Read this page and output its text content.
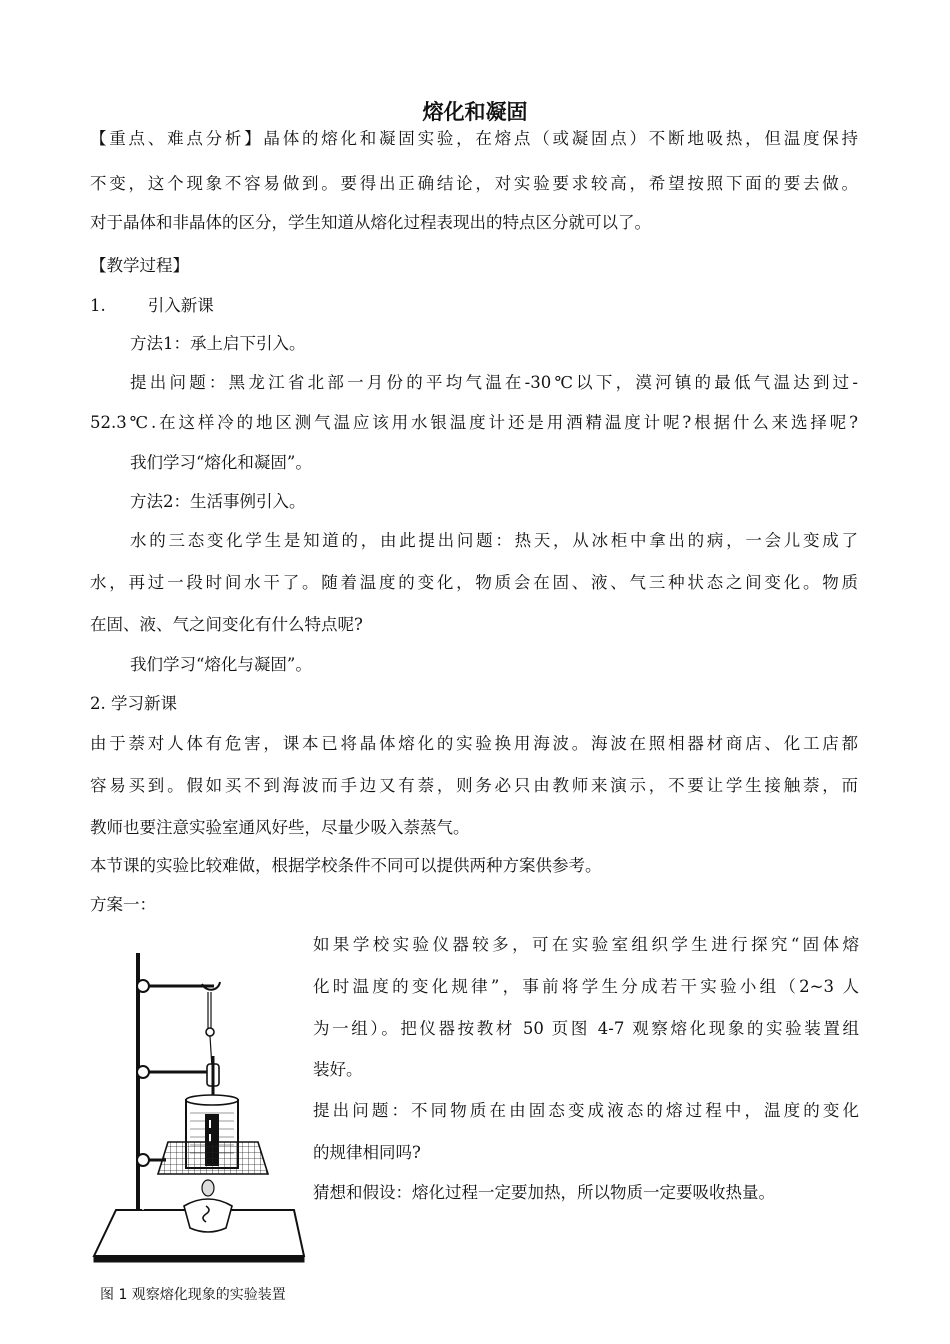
熔化和凝固
【重点、难点分析】晶体的熔化和凝固实验，在熔点（或凝固点）不断地吸热，但温度保持
不变，这个现象不容易做到。要得出正确结论，对实验要求较高，希望按照下面的要去做。
对于晶体和非晶体的区分，学生知道从熔化过程表现出的特点区分就可以了。
【教学过程】
1.	引入新课
方法1：承上启下引入。
提出问题：黑龙江省北部一月份的平均气温在-30℃以下，漠河镇的最低气温达到过-
52.3℃.在这样冷的地区测气温应该用水银温度计还是用酒精温度计呢?根据什么来选择呢?
我们学习“熔化和凝固”。
方法2：生活事例引入。
水的三态变化学生是知道的，由此提出问题：热天，从冰柜中拿出的病，一会儿变成了
水，再过一段时间水干了。随着温度的变化，物质会在固、液、气三种状态之间变化。物质
在固、液、气之间变化有什么特点呢?
我们学习“熔化与凝固”。
2. 学习新课
由于萘对人体有危害，课本已将晶体熔化的实验换用海波。海波在照相器材商店、化工店都
容易买到。假如买不到海波而手边又有萘，则务必只由教师来演示，不要让学生接触萘，而
教师也要注意实验室通风好些，尽量少吸入萘蒸气。
本节课的实验比较难做，根据学校条件不同可以提供两种方案供参考。
方案一：
如果学校实验仪器较多，可在实验室组织学生进行探究“固体熔
化时温度的变化规律”，事前将学生分成若干实验小组（2~3 人
为一组）。把仪器按教材 50 页图 4-7 观察熔化现象的实验装置组
装好。
提出问题：不同物质在由固态变成液态的熔过程中，温度的变化
的规律相同吗?
猜想和假设：熔化过程一定要加热，所以物质一定要吸收热量。
图 1 观察熔化现象的实验装置
